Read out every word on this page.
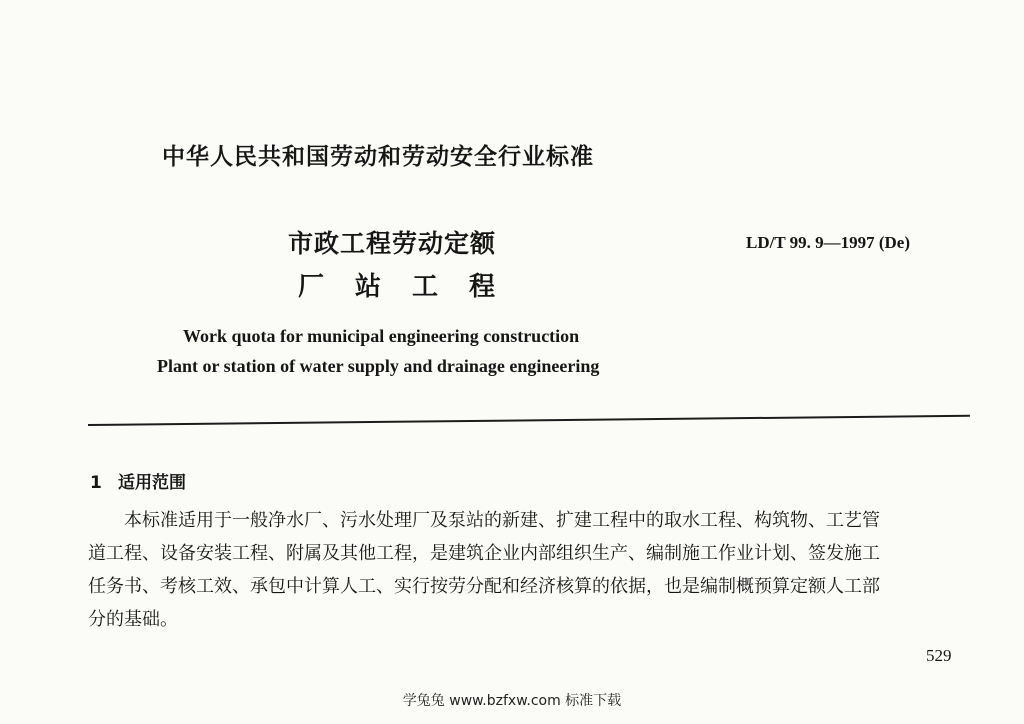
中华人民共和国劳动和劳动安全行业标准
市政工程劳动定额
厂站工程
LD/T 99. 9—1997 (De)
Work quota for municipal engineering construction
Plant or station of water supply and drainage engineering
1 适用范围
本标准适用于一般净水厂、污水处理厂及泵站的新建、扩建工程中的取水工程、构筑物、工艺管
道工程、设备安装工程、附属及其他工程，是建筑企业内部组织生产、编制施工作业计划、签发施工
任务书、考核工效、承包中计算人工、实行按劳分配和经济核算的依据，也是编制概预算定额人工部
分的基础。
529
学兔兔 www.bzfxw.com 标准下载
